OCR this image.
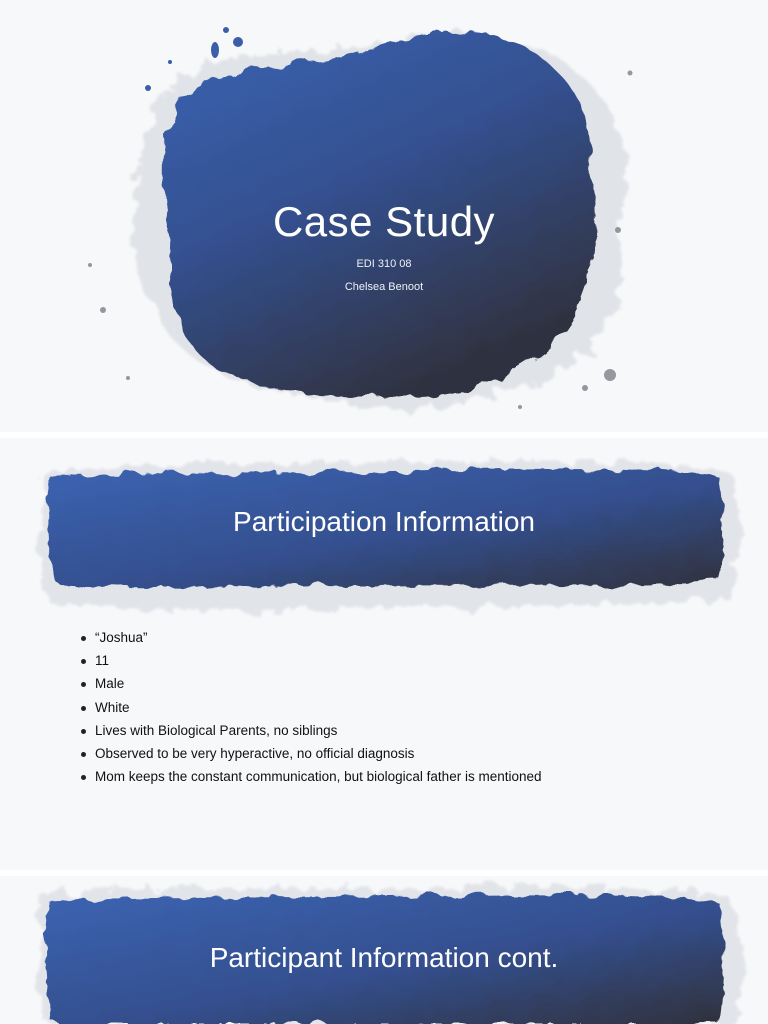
Case Study

EDI 310 08

Chelsea Benoot

Participation Information
“Joshua”
11
Male
White
Lives with Biological Parents, no siblings
Observed to be very hyperactive, no official diagnosis
Mom keeps the constant communication, but biological father is mentioned
Participant Information cont.
